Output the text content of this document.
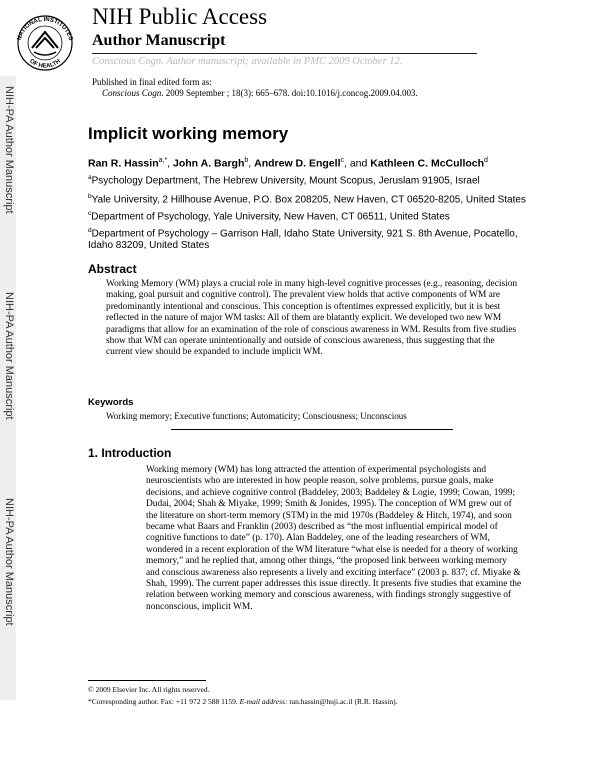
NATIONAL INSTITUTES
OF HEALTH
NIH Public Access
Author Manuscript
Conscious Cogn. Author manuscript; available in PMC 2009 October 12.
NIH-PA Author Manuscript
NIH-PA Author Manuscript
NIH-PA Author Manuscript
Published in final edited form as:
Conscious Cogn. 2009 September ; 18(3): 665–678. doi:10.1016/j.concog.2009.04.003.
Implicit working memory
Ran R. Hassin$^{a,*}$, John A. Bargh$^b$, Andrew D. Engell$^c$, and Kathleen C. McCulloch$^d$
$^a$Psychology Department, The Hebrew University, Mount Scopus, Jeruslam 91905, Israel
$^b$Yale University, 2 Hillhouse Avenue, P.O. Box 208205, New Haven, CT 06520-8205, United States
$^c$Department of Psychology, Yale University, New Haven, CT 06511, United States
$^d$Department of Psychology – Garrison Hall, Idaho State University, 921 S. 8th Avenue, Pocatello, Idaho 83209, United States
Abstract
Working Memory (WM) plays a crucial role in many high-level cognitive processes (e.g., reasoning, decision making, goal pursuit and cognitive control). The prevalent view holds that active components of WM are predominantly intentional and conscious. This conception is oftentimes expressed explicitly, but it is best reflected in the nature of major WM tasks: All of them are blatantly explicit. We developed two new WM paradigms that allow for an examination of the role of conscious awareness in WM. Results from five studies show that WM can operate unintentionally and outside of conscious awareness, thus suggesting that the current view should be expanded to include implicit WM.
Keywords
Working memory; Executive functions; Automaticity; Consciousness; Unconscious
1. Introduction
Working memory (WM) has long attracted the attention of experimental psychologists and neuroscientists who are interested in how people reason, solve problems, pursue goals, make decisions, and achieve cognitive control (Baddeley, 2003; Baddeley & Logie, 1999; Cowan, 1999; Dudai, 2004; Shah & Miyake, 1999; Smith & Jonides, 1995). The conception of WM grew out of the literature on short-term memory (STM) in the mid 1970s (Baddeley & Hitch, 1974), and soon became what Baars and Franklin (2003) described as “the most influential empirical model of cognitive functions to date” (p. 170). Alan Baddeley, one of the leading researchers of WM, wondered in a recent exploration of the WM literature “what else is needed for a theory of working memory,” and he replied that, among other things, “the proposed link between working memory and conscious awareness also represents a lively and exciting interface” (2003 p. 837; cf. Miyake & Shah, 1999). The current paper addresses this issue directly. It presents five studies that examine the relation between working memory and conscious awareness, with findings strongly suggestive of nonconscious, implicit WM.
© 2009 Elsevier Inc. All rights reserved.
*Corresponding author. Fax: +11 972 2 588 1159. E-mail address: ran.hassin@huji.ac.il (R.R. Hassin).
